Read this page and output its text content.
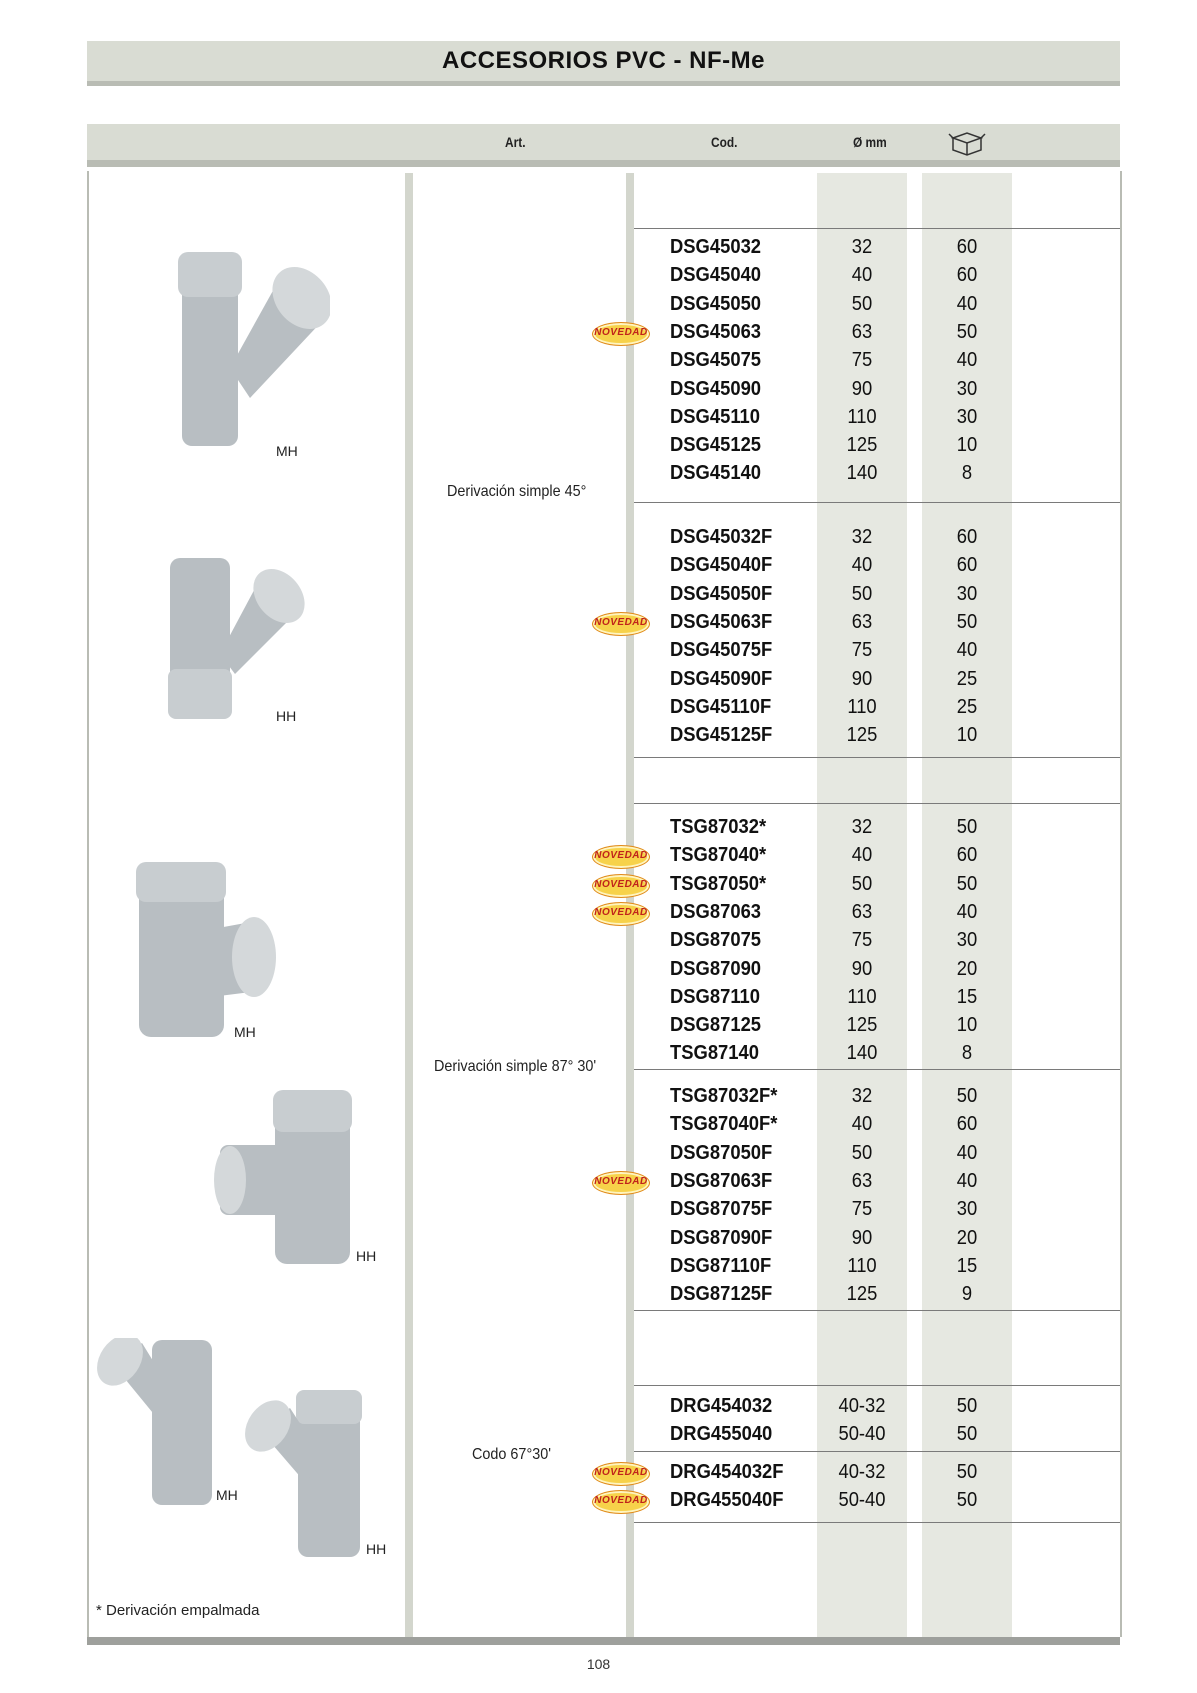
ACCESORIOS PVC - NF-Me
Art.	Cod.	Ø mm
Derivación simple 45°
Derivación simple 87° 30'
Codo 67°30'
MH
HH
MH
HH
MH
HH
DSG45032	32	60
DSG45040	40	60
DSG45050	50	40
DSG45063	63	50
NOVEDAD
DSG45075	75	40
DSG45090	90	30
DSG45110	110	30
DSG45125	125	10
DSG45140	140	8
DSG45032F	32	60
DSG45040F	40	60
DSG45050F	50	30
DSG45063F	63	50
NOVEDAD
DSG45075F	75	40
DSG45090F	90	25
DSG45110F	110	25
DSG45125F	125	10
TSG87032*	32	50
TSG87040*	40	60
NOVEDAD
TSG87050*	50	50
NOVEDAD
DSG87063	63	40
NOVEDAD
DSG87075	75	30
DSG87090	90	20
DSG87110	110	15
DSG87125	125	10
TSG87140	140	8
TSG87032F*	32	50
TSG87040F*	40	60
DSG87050F	50	40
DSG87063F	63	40
NOVEDAD
DSG87075F	75	30
DSG87090F	90	20
DSG87110F	110	15
DSG87125F	125	9
DRG454032	40-32	50
DRG455040	50-40	50
DRG454032F	40-32	50
NOVEDAD
DRG455040F	50-40	50
NOVEDAD
* Derivación empalmada
108
